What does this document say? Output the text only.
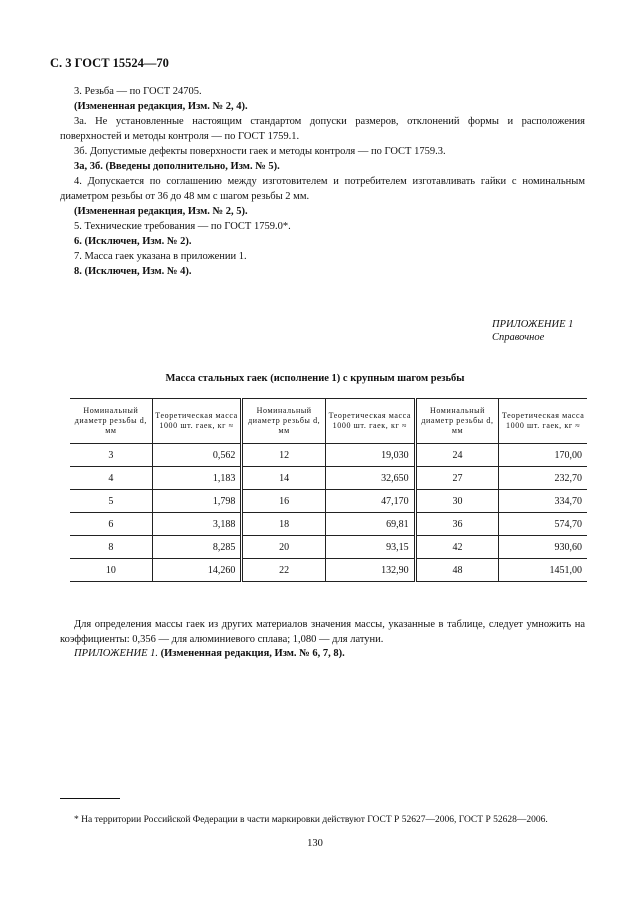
С. 3 ГОСТ 15524—70

3. Резьба — по ГОСТ 24705.

(Измененная редакция, Изм. № 2, 4).

3а. Не установленные настоящим стандартом допуски размеров, отклонений формы и расположения поверхностей и методы контроля — по ГОСТ 1759.1.

3б. Допустимые дефекты поверхности гаек и методы контроля — по ГОСТ 1759.3.

3а, 3б. (Введены дополнительно, Изм. № 5).

4. Допускается по соглашению между изготовителем и потребителем изготавливать гайки с номинальным диаметром резьбы от 36 до 48 мм с шагом резьбы 2 мм.

(Измененная редакция, Изм. № 2, 5).

5. Технические требования — по ГОСТ 1759.0*.

6. (Исключен, Изм. № 2).

7. Масса гаек указана в приложении 1.

8. (Исключен, Изм. № 4).

ПРИЛОЖЕНИЕ 1
Справочное
Масса стальных гаек (исполнение 1) с крупным шагом резьбы
Номинальный диаметр резьбы d, мм	Теоретическая масса 1000 шт. гаек, кг ≈	Номинальный диаметр резьбы d, мм	Теоретическая масса 1000 шт. гаек, кг ≈	Номинальный диаметр резьбы d, мм	Теоретическая масса 1000 шт. гаек, кг ≈
3	0,562	12	19,030	24	170,00
4	1,183	14	32,650	27	232,70
5	1,798	16	47,170	30	334,70
6	3,188	18	69,81	36	574,70
8	8,285	20	93,15	42	930,60
10	14,260	22	132,90	48	1451,00

Для определения массы гаек из других материалов значения массы, указанные в таблице, следует умножить на коэффициенты: 0,356 — для алюминиевого сплава; 1,080 — для латуни.

ПРИЛОЖЕНИЕ 1. (Измененная редакция, Изм. № 6, 7, 8).

* На территории Российской Федерации в части маркировки действуют ГОСТ Р 52627—2006, ГОСТ Р 52628—2006.

130
